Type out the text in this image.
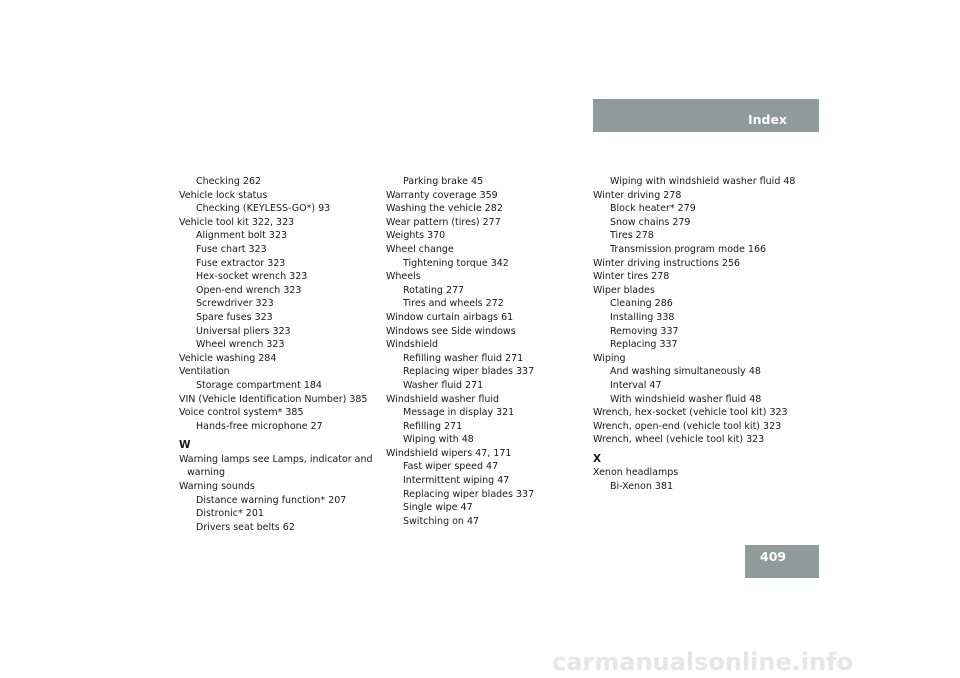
Index
Checking 262
Vehicle lock status
Checking (KEYLESS-GO*) 93
Vehicle tool kit 322, 323
Alignment bolt 323
Fuse chart 323
Fuse extractor 323
Hex-socket wrench 323
Open-end wrench 323
Screwdriver 323
Spare fuses 323
Universal pliers 323
Wheel wrench 323
Vehicle washing 284
Ventilation
Storage compartment 184
VIN (Vehicle Identification Number) 385
Voice control system* 385
Hands-free microphone 27
W
Warning lamps see Lamps, indicator and
warning
Warning sounds
Distance warning function* 207
Distronic* 201
Drivers seat belts 62
Parking brake 45
Warranty coverage 359
Washing the vehicle 282
Wear pattern (tires) 277
Weights 370
Wheel change
Tightening torque 342
Wheels
Rotating 277
Tires and wheels 272
Window curtain airbags 61
Windows see Side windows
Windshield
Refilling washer fluid 271
Replacing wiper blades 337
Washer fluid 271
Windshield washer fluid
Message in display 321
Refilling 271
Wiping with 48
Windshield wipers 47, 171
Fast wiper speed 47
Intermittent wiping 47
Replacing wiper blades 337
Single wipe 47
Switching on 47
Wiping with windshield washer fluid 48
Winter driving 278
Block heater* 279
Snow chains 279
Tires 278
Transmission program mode 166
Winter driving instructions 256
Winter tires 278
Wiper blades
Cleaning 286
Installing 338
Removing 337
Replacing 337
Wiping
And washing simultaneously 48
Interval 47
With windshield washer fluid 48
Wrench, hex-socket (vehicle tool kit) 323
Wrench, open-end (vehicle tool kit) 323
Wrench, wheel (vehicle tool kit) 323
X
Xenon headlamps
Bi-Xenon 381
409
carmanualsonline.info
